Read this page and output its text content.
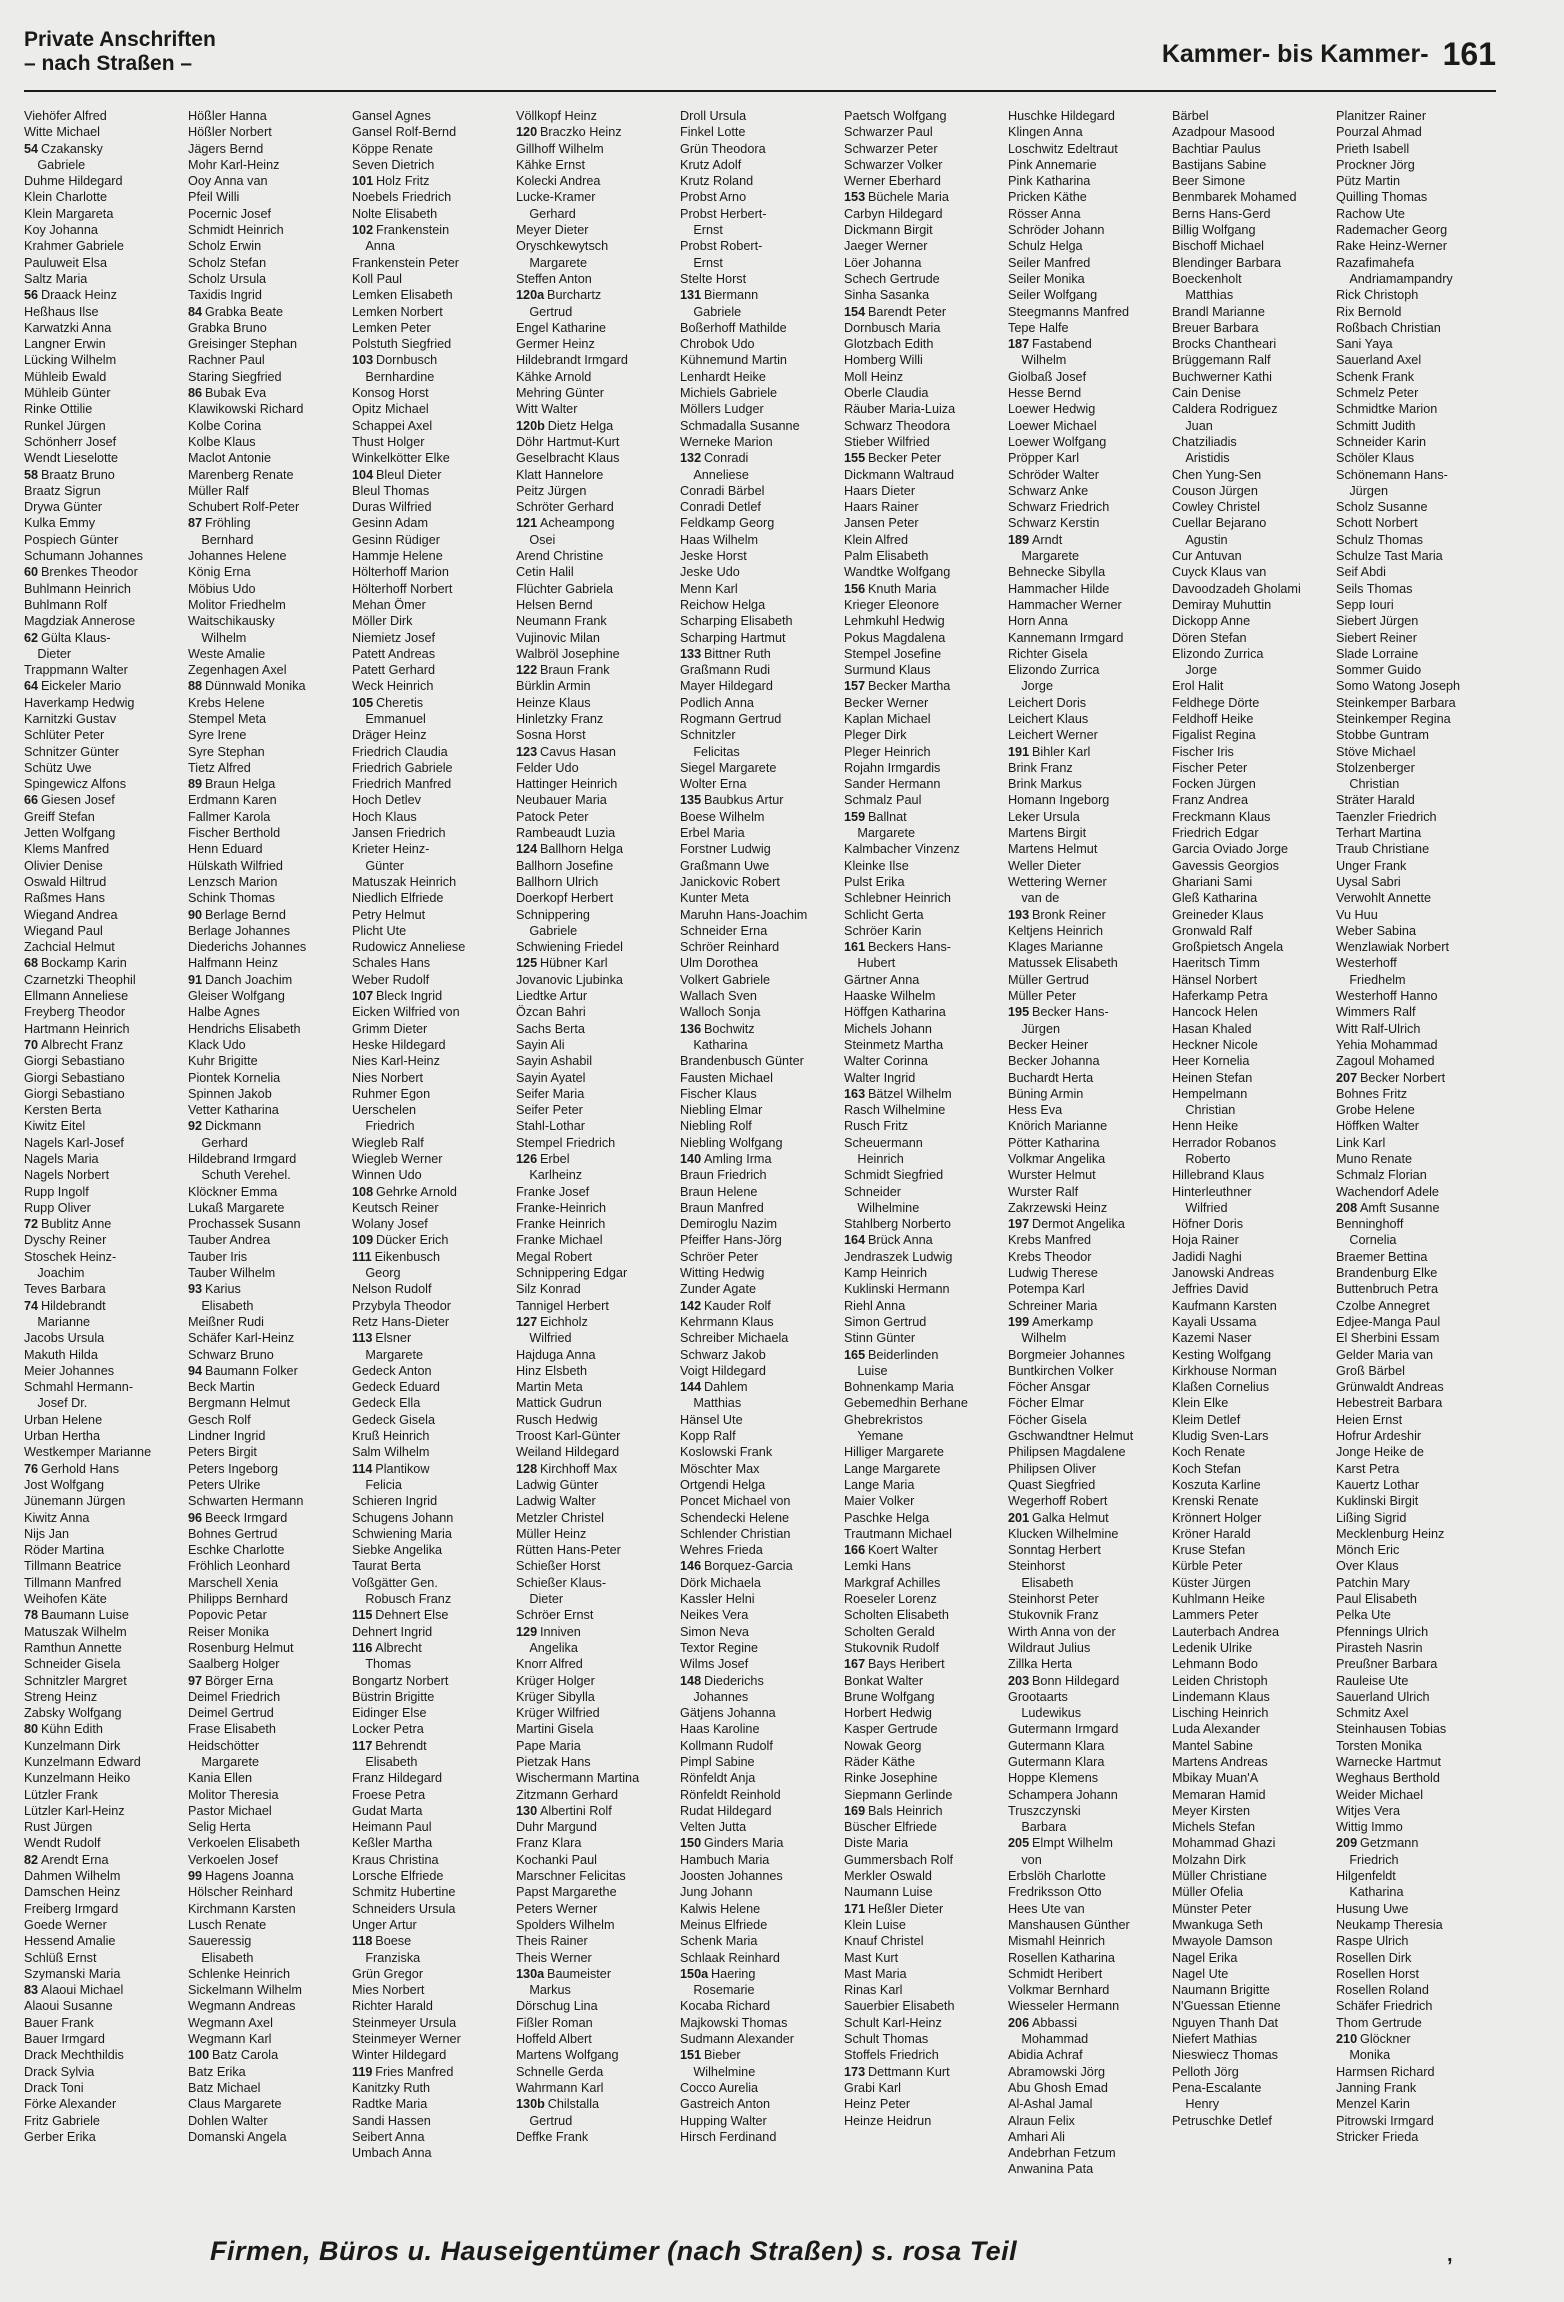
Private Anschriften
– nach Straßen –	Kammer- bis Kammer- 161
Viehöfer Alfred
Witte Michael
54 Czakansky
Gabriele
Duhme Hildegard
Klein Charlotte
Klein Margareta
Koy Johanna
Krahmer Gabriele
Pauluweit Elsa
Saltz Maria
56 Draack Heinz
Heßhaus Ilse
Karwatzki Anna
Langner Erwin
Lücking Wilhelm
Mühleib Ewald
Mühleib Günter
Rinke Ottilie
Runkel Jürgen
Schönherr Josef
Wendt Lieselotte
58 Braatz Bruno
Braatz Sigrun
Drywa Günter
Kulka Emmy
Pospiech Günter
Schumann Johannes
60 Brenkes Theodor
Buhlmann Heinrich
Buhlmann Rolf
Magdziak Annerose
62 Gülta Klaus-
Dieter
Trappmann Walter
64 Eickeler Mario
Haverkamp Hedwig
Karnitzki Gustav
Schlüter Peter
Schnitzer Günter
Schütz Uwe
Spingewicz Alfons
66 Giesen Josef
Greiff Stefan
Jetten Wolfgang
Klems Manfred
Olivier Denise
Oswald Hiltrud
Raßmes Hans
Wiegand Andrea
Wiegand Paul
Zachcial Helmut
68 Bockamp Karin
Czarnetzki Theophil
Ellmann Anneliese
Freyberg Theodor
Hartmann Heinrich
70 Albrecht Franz
Giorgi Sebastiano
Giorgi Sebastiano
Giorgi Sebastiano
Kersten Berta
Kiwitz Eitel
Nagels Karl-Josef
Nagels Maria
Nagels Norbert
Rupp Ingolf
Rupp Oliver
72 Bublitz Anne
Dyschy Reiner
Stoschek Heinz-
Joachim
Teves Barbara
74 Hildebrandt
Marianne
Jacobs Ursula
Makuth Hilda
Meier Johannes
Schmahl Hermann-
Josef Dr.
Urban Helene
Urban Hertha
Westkemper Marianne
76 Gerhold Hans
Jost Wolfgang
Jünemann Jürgen
Kiwitz Anna
Nijs Jan
Röder Martina
Tillmann Beatrice
Tillmann Manfred
Weihofen Käte
78 Baumann Luise
Matuszak Wilhelm
Ramthun Annette
Schneider Gisela
Schnitzler Margret
Streng Heinz
Zabsky Wolfgang
80 Kühn Edith
Kunzelmann Dirk
Kunzelmann Edward
Kunzelmann Heiko
Lützler Frank
Lützler Karl-Heinz
Rust Jürgen
Wendt Rudolf
82 Arendt Erna
Dahmen Wilhelm
Damschen Heinz
Freiberg Irmgard
Goede Werner
Hessend Amalie
Schlüß Ernst
Szymanski Maria
83 Alaoui Michael
Alaoui Susanne
Bauer Frank
Bauer Irmgard
Drack Mechthildis
Drack Sylvia
Drack Toni
Förke Alexander
Fritz Gabriele
Gerber Erika
Hößler Hanna
Hößler Norbert
Jägers Bernd
Mohr Karl-Heinz
Ooy Anna van
Pfeil Willi
Pocernic Josef
Schmidt Heinrich
Scholz Erwin
Scholz Stefan
Scholz Ursula
Taxidis Ingrid
84 Grabka Beate
Grabka Bruno
Greisinger Stephan
Rachner Paul
Staring Siegfried
86 Bubak Eva
Klawikowski Richard
Kolbe Corina
Kolbe Klaus
Maclot Antonie
Marenberg Renate
Müller Ralf
Schubert Rolf-Peter
87 Fröhling
Bernhard
Johannes Helene
König Erna
Möbius Udo
Molitor Friedhelm
Waitschikausky
Wilhelm
Weste Amalie
Zegenhagen Axel
88 Dünnwald Monika
Krebs Helene
Stempel Meta
Syre Irene
Syre Stephan
Tietz Alfred
89 Braun Helga
Erdmann Karen
Fallmer Karola
Fischer Berthold
Henn Eduard
Hülskath Wilfried
Lenzsch Marion
Schink Thomas
90 Berlage Bernd
Berlage Johannes
Diederichs Johannes
Halfmann Heinz
91 Danch Joachim
Gleiser Wolfgang
Halbe Agnes
Hendrichs Elisabeth
Klack Udo
Kuhr Brigitte
Piontek Kornelia
Spinnen Jakob
Vetter Katharina
92 Dickmann
Gerhard
Hildebrand Irmgard
Schuth Verehel.
Klöckner Emma
Lukaß Margarete
Prochassek Susann
Tauber Andrea
Tauber Iris
Tauber Wilhelm
93 Karius
Elisabeth
Meißner Rudi
Schäfer Karl-Heinz
Schwarz Bruno
94 Baumann Folker
Beck Martin
Bergmann Helmut
Gesch Rolf
Lindner Ingrid
Peters Birgit
Peters Ingeborg
Peters Ulrike
Schwarten Hermann
96 Beeck Irmgard
Bohnes Gertrud
Eschke Charlotte
Fröhlich Leonhard
Marschell Xenia
Philipps Bernhard
Popovic Petar
Reiser Monika
Rosenburg Helmut
Saalberg Holger
97 Börger Erna
Deimel Friedrich
Deimel Gertrud
Frase Elisabeth
Heidschötter
Margarete
Kania Ellen
Molitor Theresia
Pastor Michael
Selig Herta
Verkoelen Elisabeth
Verkoelen Josef
99 Hagens Joanna
Hölscher Reinhard
Kirchmann Karsten
Lusch Renate
Saueressig
Elisabeth
Schlenke Heinrich
Sickelmann Wilhelm
Wegmann Andreas
Wegmann Axel
Wegmann Karl
100 Batz Carola
Batz Erika
Batz Michael
Claus Margarete
Dohlen Walter
Domanski Angela
Gansel Agnes
Gansel Rolf-Bernd
Köppe Renate
Seven Dietrich
101 Holz Fritz
Noebels Friedrich
Nolte Elisabeth
102 Frankenstein
Anna
Frankenstein Peter
Koll Paul
Lemken Elisabeth
Lemken Norbert
Lemken Peter
Polstuth Siegfried
103 Dornbusch
Bernhardine
Konsog Horst
Opitz Michael
Schappei Axel
Thust Holger
Winkelkötter Elke
104 Bleul Dieter
Bleul Thomas
Duras Wilfried
Gesinn Adam
Gesinn Rüdiger
Hammje Helene
Hölterhoff Marion
Hölterhoff Norbert
Mehan Ömer
Möller Dirk
Niemietz Josef
Patett Andreas
Patett Gerhard
Weck Heinrich
105 Cheretis
Emmanuel
Dräger Heinz
Friedrich Claudia
Friedrich Gabriele
Friedrich Manfred
Hoch Detlev
Hoch Klaus
Jansen Friedrich
Krieter Heinz-
Günter
Matuszak Heinrich
Niedlich Elfriede
Petry Helmut
Plicht Ute
Rudowicz Anneliese
Schales Hans
Weber Rudolf
107 Bleck Ingrid
Eicken Wilfried von
Grimm Dieter
Heske Hildegard
Nies Karl-Heinz
Nies Norbert
Ruhmer Egon
Uerschelen
Friedrich
Wiegleb Ralf
Wiegleb Werner
Winnen Udo
108 Gehrke Arnold
Keutsch Reiner
Wolany Josef
109 Dücker Erich
111 Eikenbusch
Georg
Nelson Rudolf
Przybyla Theodor
Retz Hans-Dieter
113 Elsner
Margarete
Gedeck Anton
Gedeck Eduard
Gedeck Ella
Gedeck Gisela
Kruß Heinrich
Salm Wilhelm
114 Plantikow
Felicia
Schieren Ingrid
Schugens Johann
Schwiening Maria
Siebke Angelika
Taurat Berta
Voßgätter Gen.
Robusch Franz
115 Dehnert Else
Dehnert Ingrid
116 Albrecht
Thomas
Bongartz Norbert
Büstrin Brigitte
Eidinger Else
Locker Petra
117 Behrendt
Elisabeth
Franz Hildegard
Froese Petra
Gudat Marta
Heimann Paul
Keßler Martha
Kraus Christina
Lorsche Elfriede
Schmitz Hubertine
Schneiders Ursula
Unger Artur
118 Boese
Franziska
Grün Gregor
Mies Norbert
Richter Harald
Steinmeyer Ursula
Steinmeyer Werner
Winter Hildegard
119 Fries Manfred
Kanitzky Ruth
Radtke Maria
Sandi Hassen
Seibert Anna
Umbach Anna
Völlkopf Heinz
120 Braczko Heinz
Gillhoff Wilhelm
Kähke Ernst
Kolecki Andrea
Lucke-Kramer
Gerhard
Meyer Dieter
Oryschkewytsch
Margarete
Steffen Anton
120a Burchartz
Gertrud
Engel Katharine
Germer Heinz
Hildebrandt Irmgard
Kähke Arnold
Mehring Günter
Witt Walter
120b Dietz Helga
Döhr Hartmut-Kurt
Geselbracht Klaus
Klatt Hannelore
Peitz Jürgen
Schröter Gerhard
121 Acheampong
Osei
Arend Christine
Cetin Halil
Flüchter Gabriela
Helsen Bernd
Neumann Frank
Vujinovic Milan
Walbröl Josephine
122 Braun Frank
Bürklin Armin
Heinze Klaus
Hinletzky Franz
Sosna Horst
123 Cavus Hasan
Felder Udo
Hattinger Heinrich
Neubauer Maria
Patock Peter
Rambeaudt Luzia
124 Ballhorn Helga
Ballhorn Josefine
Ballhorn Ulrich
Doerkopf Herbert
Schnippering
Gabriele
Schwiening Friedel
125 Hübner Karl
Jovanovic Ljubinka
Liedtke Artur
Özcan Bahri
Sachs Berta
Sayin Ali
Sayin Ashabil
Sayin Ayatel
Seifer Maria
Seifer Peter
Stahl-Lothar
Stempel Friedrich
126 Erbel
Karlheinz
Franke Josef
Franke-Heinrich
Franke Heinrich
Franke Michael
Megal Robert
Schnippering Edgar
Silz Konrad
Tannigel Herbert
127 Eichholz
Wilfried
Hajduga Anna
Hinz Elsbeth
Martin Meta
Mattick Gudrun
Rusch Hedwig
Troost Karl-Günter
Weiland Hildegard
128 Kirchhoff Max
Ladwig Günter
Ladwig Walter
Metzler Christel
Müller Heinz
Rütten Hans-Peter
Schießer Horst
Schießer Klaus-
Dieter
Schröer Ernst
129 Inniven
Angelika
Knorr Alfred
Krüger Holger
Krüger Sibylla
Krüger Wilfried
Martini Gisela
Pape Maria
Pietzak Hans
Wischermann Martina
Zitzmann Gerhard
130 Albertini Rolf
Duhr Margund
Franz Klara
Kochanki Paul
Marschner Felicitas
Papst Margarethe
Peters Werner
Spolders Wilhelm
Theis Rainer
Theis Werner
130a Baumeister
Markus
Dörschug Lina
Fißler Roman
Hoffeld Albert
Martens Wolfgang
Schnelle Gerda
Wahrmann Karl
130b Chilstalla
Gertrud
Deffke Frank
Droll Ursula
Finkel Lotte
Grün Theodora
Krutz Adolf
Krutz Roland
Probst Arno
Probst Herbert-
Ernst
Probst Robert-
Ernst
Stelte Horst
131 Biermann
Gabriele
Boßerhoff Mathilde
Chrobok Udo
Kühnemund Martin
Lenhardt Heike
Michiels Gabriele
Möllers Ludger
Schmadalla Susanne
Werneke Marion
132 Conradi
Anneliese
Conradi Bärbel
Conradi Detlef
Feldkamp Georg
Haas Wilhelm
Jeske Horst
Jeske Udo
Menn Karl
Reichow Helga
Scharping Elisabeth
Scharping Hartmut
133 Bittner Ruth
Graßmann Rudi
Mayer Hildegard
Podlich Anna
Rogmann Gertrud
Schnitzler
Felicitas
Siegel Margarete
Wolter Erna
135 Baubkus Artur
Boese Wilhelm
Erbel Maria
Forstner Ludwig
Graßmann Uwe
Janickovic Robert
Kunter Meta
Maruhn Hans-Joachim
Schneider Erna
Schröer Reinhard
Ulm Dorothea
Volkert Gabriele
Wallach Sven
Walloch Sonja
136 Bochwitz
Katharina
Brandenbusch Günter
Fausten Michael
Fischer Klaus
Niebling Elmar
Niebling Rolf
Niebling Wolfgang
140 Amling Irma
Braun Friedrich
Braun Helene
Braun Manfred
Demiroglu Nazim
Pfeiffer Hans-Jörg
Schröer Peter
Witting Hedwig
Zunder Agate
142 Kauder Rolf
Kehrmann Klaus
Schreiber Michaela
Schwarz Jakob
Voigt Hildegard
144 Dahlem
Matthias
Hänsel Ute
Kopp Ralf
Koslowski Frank
Möschter Max
Ortgendi Helga
Poncet Michael von
Schendecki Helene
Schlender Christian
Wehres Frieda
146 Borquez-Garcia
Dörk Michaela
Kassler Helni
Neikes Vera
Simon Neva
Textor Regine
Wilms Josef
148 Diederichs
Johannes
Gätjens Johanna
Haas Karoline
Kollmann Rudolf
Pimpl Sabine
Rönfeldt Anja
Rönfeldt Reinhold
Rudat Hildegard
Velten Jutta
150 Ginders Maria
Hambuch Maria
Joosten Johannes
Jung Johann
Kalwis Helene
Meinus Elfriede
Schenk Maria
Schlaak Reinhard
150a Haering
Rosemarie
Kocaba Richard
Majkowski Thomas
Sudmann Alexander
151 Bieber
Wilhelmine
Cocco Aurelia
Gastreich Anton
Hupping Walter
Hirsch Ferdinand
Paetsch Wolfgang
Schwarzer Paul
Schwarzer Peter
Schwarzer Volker
Werner Eberhard
153 Büchele Maria
Carbyn Hildegard
Dickmann Birgit
Jaeger Werner
Löer Johanna
Schech Gertrude
Sinha Sasanka
154 Barendt Peter
Dornbusch Maria
Glotzbach Edith
Homberg Willi
Moll Heinz
Oberle Claudia
Räuber Maria-Luiza
Schwarz Theodora
Stieber Wilfried
155 Becker Peter
Dickmann Waltraud
Haars Dieter
Haars Rainer
Jansen Peter
Klein Alfred
Palm Elisabeth
Wandtke Wolfgang
156 Knuth Maria
Krieger Eleonore
Lehmkuhl Hedwig
Pokus Magdalena
Stempel Josefine
Surmund Klaus
157 Becker Martha
Becker Werner
Kaplan Michael
Pleger Dirk
Pleger Heinrich
Rojahn Irmgardis
Sander Hermann
Schmalz Paul
159 Ballnat
Margarete
Kalmbacher Vinzenz
Kleinke Ilse
Pulst Erika
Schlebner Heinrich
Schlicht Gerta
Schröer Karin
161 Beckers Hans-
Hubert
Gärtner Anna
Haaske Wilhelm
Höffgen Katharina
Michels Johann
Steinmetz Martha
Walter Corinna
Walter Ingrid
163 Bätzel Wilhelm
Rasch Wilhelmine
Rusch Fritz
Scheuermann
Heinrich
Schmidt Siegfried
Schneider
Wilhelmine
Stahlberg Norberto
164 Brück Anna
Jendraszek Ludwig
Kamp Heinrich
Kuklinski Hermann
Riehl Anna
Simon Gertrud
Stinn Günter
165 Beiderlinden
Luise
Bohnenkamp Maria
Gebemedhin Berhane
Ghebrekristos
Yemane
Hilliger Margarete
Lange Margarete
Lange Maria
Maier Volker
Paschke Helga
Trautmann Michael
166 Koert Walter
Lemki Hans
Markgraf Achilles
Roeseler Lorenz
Scholten Elisabeth
Scholten Gerald
Stukovnik Rudolf
167 Bays Heribert
Bonkat Walter
Brune Wolfgang
Horbert Hedwig
Kasper Gertrude
Nowak Georg
Räder Käthe
Rinke Josephine
Siepmann Gerlinde
169 Bals Heinrich
Büscher Elfriede
Diste Maria
Gummersbach Rolf
Merkler Oswald
Naumann Luise
171 Heßler Dieter
Klein Luise
Knauf Christel
Mast Kurt
Mast Maria
Rinas Karl
Sauerbier Elisabeth
Schult Karl-Heinz
Schult Thomas
Stoffels Friedrich
173 Dettmann Kurt
Grabi Karl
Heinz Peter
Heinze Heidrun
Huschke Hildegard
Klingen Anna
Loschwitz Edeltraut
Pink Annemarie
Pink Katharina
Pricken Käthe
Rösser Anna
Schröder Johann
Schulz Helga
Seiler Manfred
Seiler Monika
Seiler Wolfgang
Steegmanns Manfred
Tepe Halfe
187 Fastabend
Wilhelm
Giolbaß Josef
Hesse Bernd
Loewer Hedwig
Loewer Michael
Loewer Wolfgang
Pröpper Karl
Schröder Walter
Schwarz Anke
Schwarz Friedrich
Schwarz Kerstin
189 Arndt
Margarete
Behnecke Sibylla
Hammacher Hilde
Hammacher Werner
Horn Anna
Kannemann Irmgard
Richter Gisela
Elizondo Zurrica
Jorge
Leichert Doris
Leichert Klaus
Leichert Werner
191 Bihler Karl
Brink Franz
Brink Markus
Homann Ingeborg
Leker Ursula
Martens Birgit
Martens Helmut
Weller Dieter
Wettering Werner
van de
193 Bronk Reiner
Keltjens Heinrich
Klages Marianne
Matussek Elisabeth
Müller Gertrud
Müller Peter
195 Becker Hans-
Jürgen
Becker Heiner
Becker Johanna
Buchardt Herta
Büning Armin
Hess Eva
Knörich Marianne
Pötter Katharina
Volkmar Angelika
Wurster Helmut
Wurster Ralf
Zakrzewski Heinz
197 Dermot Angelika
Krebs Manfred
Krebs Theodor
Ludwig Therese
Potempa Karl
Schreiner Maria
199 Amerkamp
Wilhelm
Borgmeier Johannes
Buntkirchen Volker
Föcher Ansgar
Föcher Elmar
Föcher Gisela
Gschwandtner Helmut
Philipsen Magdalene
Philipsen Oliver
Quast Siegfried
Wegerhoff Robert
201 Galka Helmut
Klucken Wilhelmine
Sonntag Herbert
Steinhorst
Elisabeth
Steinhorst Peter
Stukovnik Franz
Wirth Anna von der
Wildraut Julius
Zillka Herta
203 Bonn Hildegard
Grootaarts
Ludewikus
Gutermann Irmgard
Gutermann Klara
Gutermann Klara
Hoppe Klemens
Schampera Johann
Truszczynski
Barbara
205 Elmpt Wilhelm
von
Erbslöh Charlotte
Fredriksson Otto
Hees Ute van
Manshausen Günther
Mismahl Heinrich
Rosellen Katharina
Schmidt Heribert
Volkmar Bernhard
Wiesseler Hermann
206 Abbassi
Mohammad
Abidia Achraf
Abramowski Jörg
Abu Ghosh Emad
Al-Ashal Jamal
Alraun Felix
Amhari Ali
Andebrhan Fetzum
Anwanina Pata
Bärbel
Azadpour Masood
Bachtiar Paulus
Bastijans Sabine
Beer Simone
Benmbarek Mohamed
Berns Hans-Gerd
Billig Wolfgang
Bischoff Michael
Blendinger Barbara
Boeckenholt
Matthias
Brandl Marianne
Breuer Barbara
Brocks Chantheari
Brüggemann Ralf
Buchwerner Kathi
Cain Denise
Caldera Rodriguez
Juan
Chatziliadis
Aristidis
Chen Yung-Sen
Couson Jürgen
Cowley Christel
Cuellar Bejarano
Agustin
Cur Antuvan
Cuyck Klaus van
Davoodzadeh Gholami
Demiray Muhuttin
Dickopp Anne
Dören Stefan
Elizondo Zurrica
Jorge
Erol Halit
Feldhege Dörte
Feldhoff Heike
Figalist Regina
Fischer Iris
Fischer Peter
Focken Jürgen
Franz Andrea
Freckmann Klaus
Friedrich Edgar
Garcia Oviado Jorge
Gavessis Georgios
Ghariani Sami
Gleß Katharina
Greineder Klaus
Gronwald Ralf
Großpietsch Angela
Haeritsch Timm
Hänsel Norbert
Haferkamp Petra
Hancock Helen
Hasan Khaled
Heckner Nicole
Heer Kornelia
Heinen Stefan
Hempelmann
Christian
Henn Heike
Herrador Robanos
Roberto
Hillebrand Klaus
Hinterleuthner
Wilfried
Höfner Doris
Hoja Rainer
Jadidi Naghi
Janowski Andreas
Jeffries David
Kaufmann Karsten
Kayali Ussama
Kazemi Naser
Kesting Wolfgang
Kirkhouse Norman
Klaßen Cornelius
Klein Elke
Kleim Detlef
Kludig Sven-Lars
Koch Renate
Koch Stefan
Koszuta Karline
Krenski Renate
Krönnert Holger
Kröner Harald
Kruse Stefan
Kürble Peter
Küster Jürgen
Kuhlmann Heike
Lammers Peter
Lauterbach Andrea
Ledenik Ulrike
Lehmann Bodo
Leiden Christoph
Lindemann Klaus
Lisching Heinrich
Luda Alexander
Mantel Sabine
Martens Andreas
Mbikay Muan'A
Memaran Hamid
Meyer Kirsten
Michels Stefan
Mohammad Ghazi
Molzahn Dirk
Müller Christiane
Müller Ofelia
Münster Peter
Mwankuga Seth
Mwayole Damson
Nagel Erika
Nagel Ute
Naumann Brigitte
N'Guessan Etienne
Nguyen Thanh Dat
Niefert Mathias
Nieswiecz Thomas
Pelloth Jörg
Pena-Escalante
Henry
Petruschke Detlef
Planitzer Rainer
Pourzal Ahmad
Prieth Isabell
Prockner Jörg
Pütz Martin
Quilling Thomas
Rachow Ute
Rademacher Georg
Rake Heinz-Werner
Razafimahefa
Andriamampandry
Rick Christoph
Rix Bernold
Roßbach Christian
Sani Yaya
Sauerland Axel
Schenk Frank
Schmelz Peter
Schmidtke Marion
Schmitt Judith
Schneider Karin
Schöler Klaus
Schönemann Hans-
Jürgen
Scholz Susanne
Schott Norbert
Schulz Thomas
Schulze Tast Maria
Seif Abdi
Seils Thomas
Sepp Iouri
Siebert Jürgen
Siebert Reiner
Slade Lorraine
Sommer Guido
Somo Watong Joseph
Steinkemper Barbara
Steinkemper Regina
Stobbe Guntram
Stöve Michael
Stolzenberger
Christian
Sträter Harald
Taenzler Friedrich
Terhart Martina
Traub Christiane
Unger Frank
Uysal Sabri
Verwohlt Annette
Vu Huu
Weber Sabina
Wenzlawiak Norbert
Westerhoff
Friedhelm
Westerhoff Hanno
Wimmers Ralf
Witt Ralf-Ulrich
Yehia Mohammad
Zagoul Mohamed
207 Becker Norbert
Bohnes Fritz
Grobe Helene
Höffken Walter
Link Karl
Muno Renate
Schmalz Florian
Wachendorf Adele
208 Amft Susanne
Benninghoff
Cornelia
Braemer Bettina
Brandenburg Elke
Buttenbruch Petra
Czolbe Annegret
Edjee-Manga Paul
El Sherbini Essam
Gelder Maria van
Groß Bärbel
Grünwaldt Andreas
Hebestreit Barbara
Heien Ernst
Hofrur Ardeshir
Jonge Heike de
Karst Petra
Kauertz Lothar
Kuklinski Birgit
Lißing Sigrid
Mecklenburg Heinz
Mönch Eric
Over Klaus
Patchin Mary
Paul Elisabeth
Pelka Ute
Pfennings Ulrich
Pirasteh Nasrin
Preußner Barbara
Rauleise Ute
Sauerland Ulrich
Schmitz Axel
Steinhausen Tobias
Torsten Monika
Warnecke Hartmut
Weghaus Berthold
Weider Michael
Witjes Vera
Wittig Immo
209 Getzmann
Friedrich
Hilgenfeldt
Katharina
Husung Uwe
Neukamp Theresia
Raspe Ulrich
Rosellen Dirk
Rosellen Horst
Rosellen Roland
Schäfer Friedrich
Thom Gertrude
210 Glöckner
Monika
Harmsen Richard
Janning Frank
Menzel Karin
Pitrowski Irmgard
Stricker Frieda
Firmen, Büros u. Hauseigentümer (nach Straßen) s. rosa Teil	,
